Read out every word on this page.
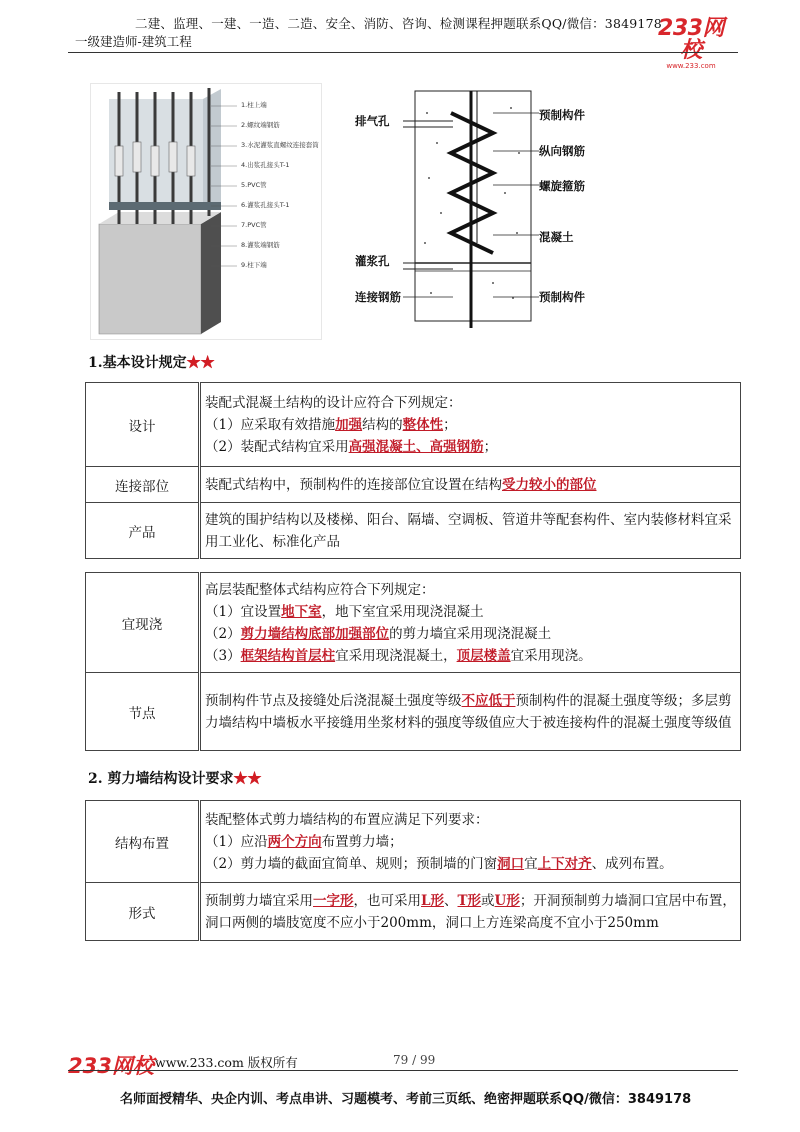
二建、监理、一建、一造、二造、安全、消防、咨询、检测课程押题联系QQ/微信：3849178
一级建造师-建筑工程
233网校
www.233.com
1.柱上端
2.螺纹端钢筋
3.水泥灌浆直螺纹连接套筒
4.出浆孔接头T-1
5.PVC管
6.灌浆孔接头T-1
7.PVC管
8.灌浆端钢筋
9.柱下端
排气孔	预制构件
纵向钢筋
螺旋箍筋
混凝土
灌浆孔
连接钢筋	预制构件
1.基本设计规定★★
设计	装配式混凝土结构的设计应符合下列规定：
（1）应采取有效措施加强结构的整体性；
（2）装配式结构宜采用高强混凝土、高强钢筋；

连接部位	装配式结构中，预制构件的连接部位宜设置在结构受力较小的部位

产品	建筑的围护结构以及楼梯、阳台、隔墙、空调板、管道井等配套构件、室内装修材料宜采用工业化、标准化产品
宜现浇	高层装配整体式结构应符合下列规定：
（1）宜设置地下室，地下室宜采用现浇混凝土
（2）剪力墙结构底部加强部位的剪力墙宜采用现浇混凝土
（3）框架结构首层柱宜采用现浇混凝土，顶层楼盖宜采用现浇。

节点	预制构件节点及接缝处后浇混凝土强度等级不应低于预制构件的混凝土强度等级；多层剪力墙结构中墙板水平接缝用坐浆材料的强度等级值应大于被连接构件的混凝土强度等级值
2. 剪力墙结构设计要求★★
结构布置	装配整体式剪力墙结构的布置应满足下列要求：
（1）应沿两个方向布置剪力墙；
（2）剪力墙的截面宜简单、规则；预制墙的门窗洞口宜上下对齐、成列布置。

形式	预制剪力墙宜采用一字形，也可采用L形、T形或U形；开洞预制剪力墙洞口宜居中布置，洞口两侧的墙肢宽度不应小于200mm，洞口上方连梁高度不宜小于250mm
233网校 www.233.com 版权所有	79 / 99
名师面授精华、央企内训、考点串讲、习题模考、考前三页纸、绝密押题联系QQ/微信：3849178
